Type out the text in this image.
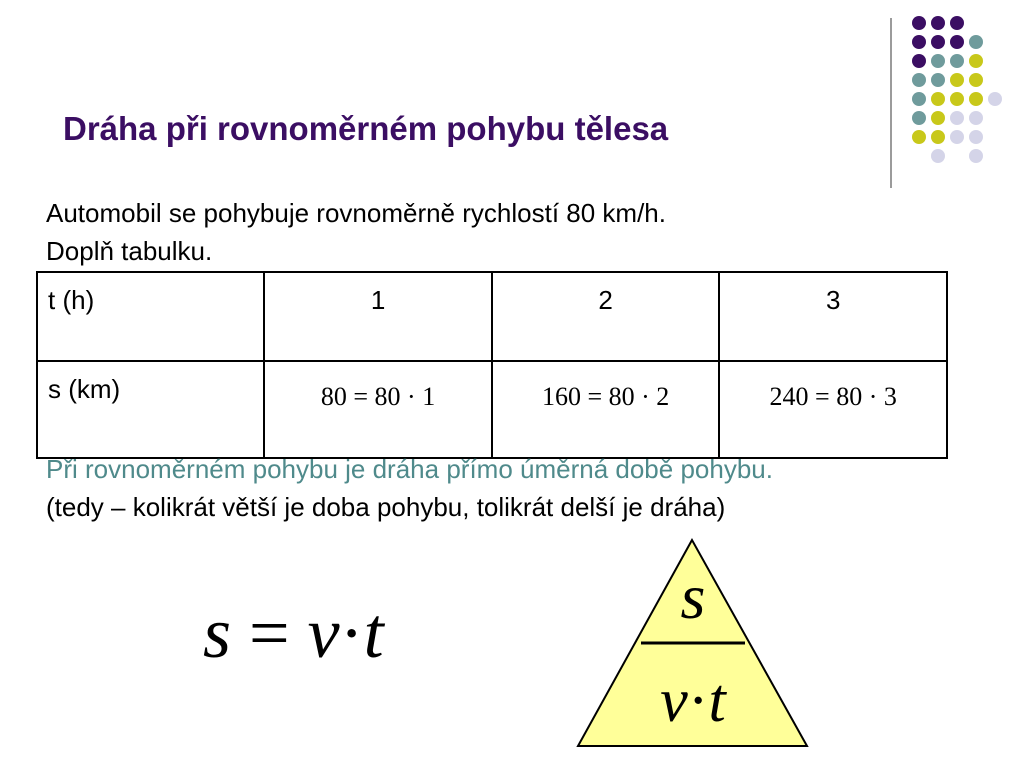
Dráha při rovnoměrném pohybu tělesa
Automobil se pohybuje rovnoměrně rychlostí 80 km/h.
Doplň tabulku.
t (h)	1	2	3
s (km)	80 = 80 · 1	160 = 80 · 2	240 = 80 · 3
Při rovnoměrném pohybu je dráha přímo úměrná době pohybu.
(tedy – kolikrát větší je doba pohybu, tolikrát delší je dráha)
s = v·t	s
v·t
